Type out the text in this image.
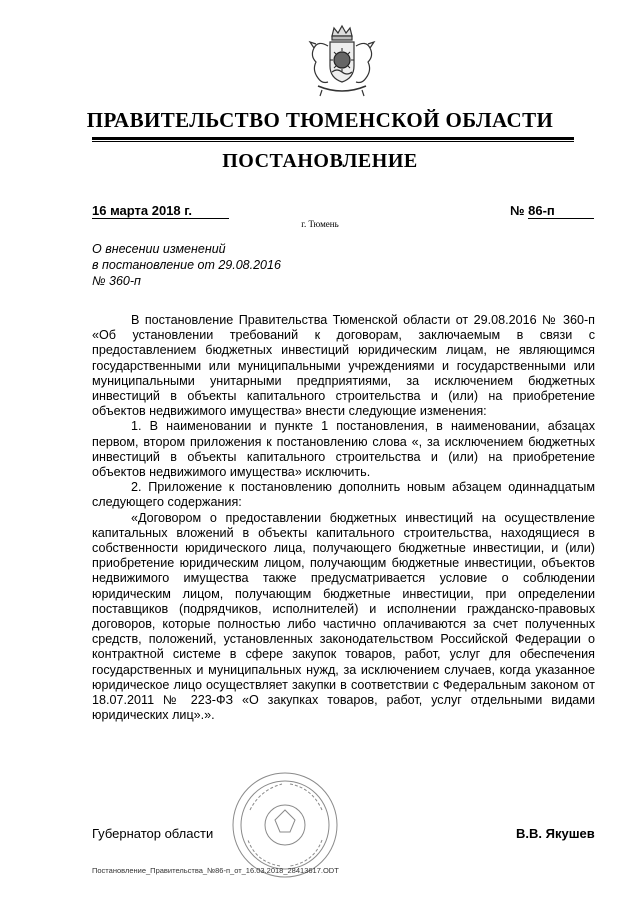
ПРАВИТЕЛЬСТВО ТЮМЕНСКОЙ ОБЛАСТИ
ПОСТАНОВЛЕНИЕ
16 марта 2018 г.	№ 86-п
г. Тюмень
О внесении изменений
в постановление от 29.08.2016
№ 360-п

В постановление Правительства Тюменской области от 29.08.2016 № 360-п «Об установлении требований к договорам, заключаемым в связи с предоставлением бюджетных инвестиций юридическим лицам, не являющимся государственными или муниципальными учреждениями и государственными или муниципальными унитарными предприятиями, за исключением бюджетных инвестиций в объекты капитального строительства и (или) на приобретение объектов недвижимого имущества» внести следующие изменения:

1. В наименовании и пункте 1 постановления, в наименовании, абзацах первом, втором приложения к постановлению слова «, за исключением бюджетных инвестиций в объекты капитального строительства и (или) на приобретение объектов недвижимого имущества» исключить.

2. Приложение к постановлению дополнить новым абзацем одиннадцатым следующего содержания:

«Договором о предоставлении бюджетных инвестиций на осуществление капитальных вложений в объекты капитального строительства, находящиеся в собственности юридического лица, получающего бюджетные инвестиции, и (или) приобретение юридическим лицом, получающим бюджетные инвестиции, объектов недвижимого имущества также предусматривается условие о соблюдении юридическим лицом, получающим бюджетные инвестиции, при определении поставщиков (подрядчиков, исполнителей) и исполнении гражданско-правовых договоров, которые полностью либо частично оплачиваются за счет полученных средств, положений, установленных законодательством Российской Федерации о контрактной системе в сфере закупок товаров, работ, услуг для обеспечения государственных и муниципальных нужд, за исключением случаев, когда указанное юридическое лицо осуществляет закупки в соответствии с Федеральным законом от 18.07.2011 № 223-ФЗ «О закупках товаров, работ, услуг отдельными видами юридических лиц».».

Губернатор области	В.В. Якушев
Постановление_Правительства_№86-п_от_16.03.2018_28413617.ODT
